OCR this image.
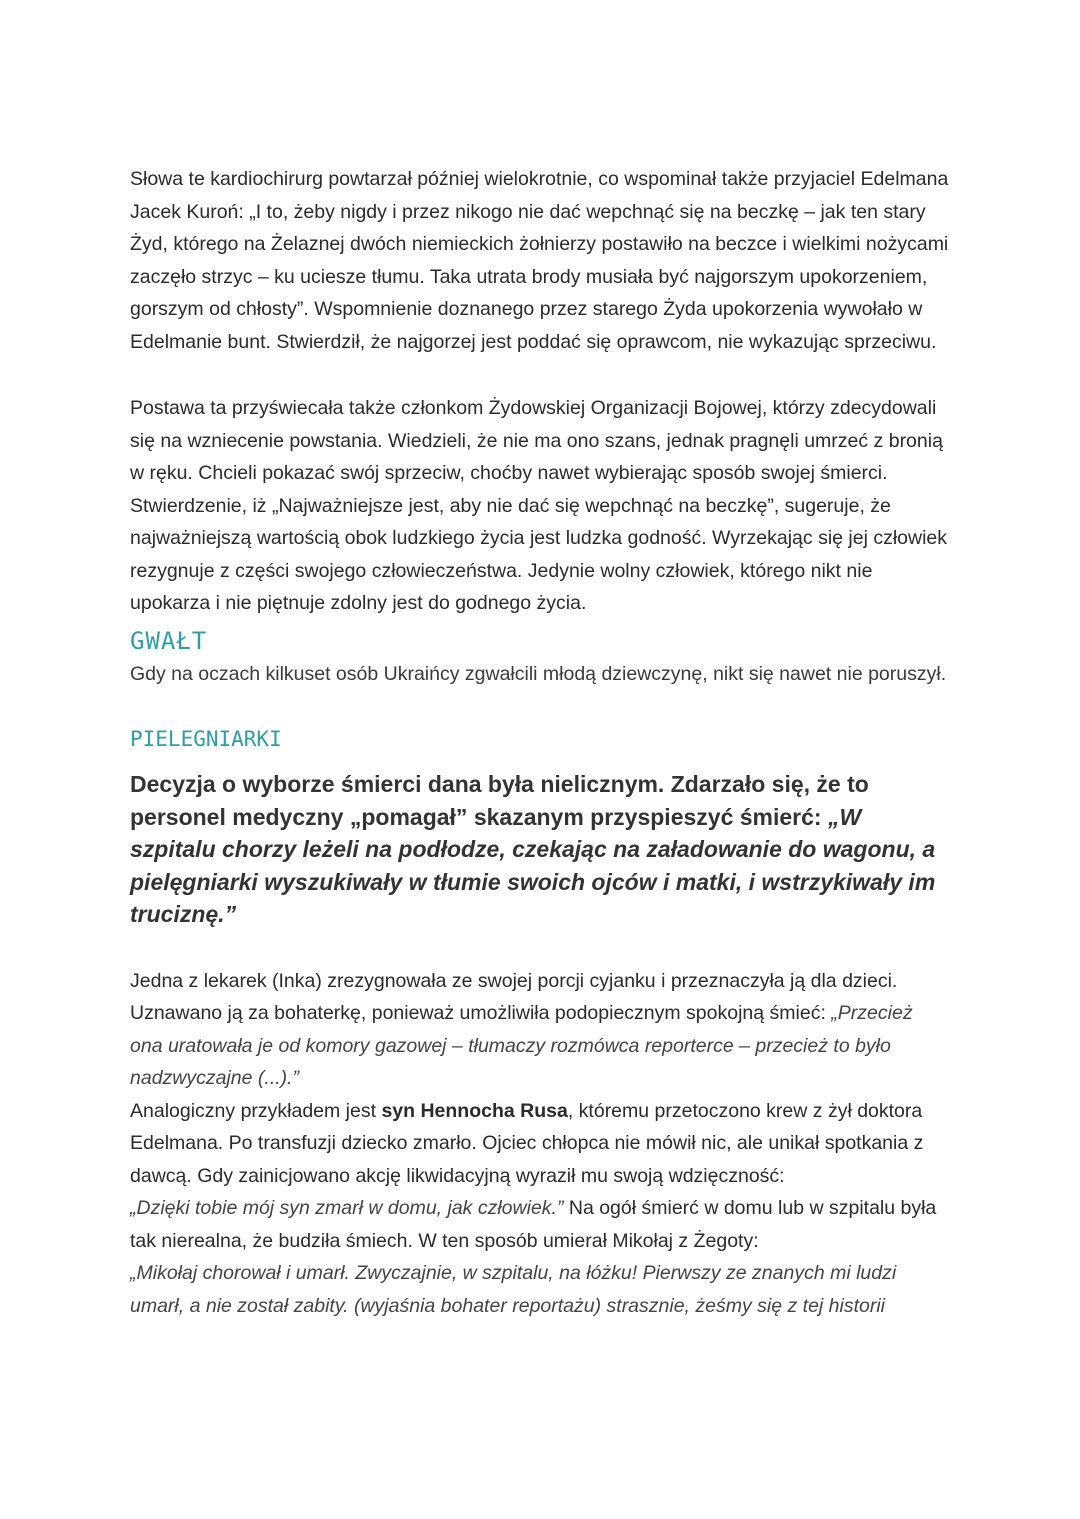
Słowa te kardiochirurg powtarzał później wielokrotnie, co wspominał także przyjaciel Edelmana Jacek Kuroń: „I to, żeby nigdy i przez nikogo nie dać wepchnąć się na beczkę – jak ten stary Żyd, którego na Żelaznej dwóch niemieckich żołnierzy postawiło na beczce i wielkimi nożycami zaczęło strzyc – ku uciesze tłumu. Taka utrata brody musiała być najgorszym upokorzeniem, gorszym od chłosty”. Wspomnienie doznanego przez starego Żyda upokorzenia wywołało w Edelmanie bunt. Stwierdził, że najgorzej jest poddać się oprawcom, nie wykazując sprzeciwu.

Postawa ta przyświecała także członkom Żydowskiej Organizacji Bojowej, którzy zdecydowali się na wzniecenie powstania. Wiedzieli, że nie ma ono szans, jednak pragnęli umrzeć z bronią w ręku. Chcieli pokazać swój sprzeciw, choćby nawet wybierając sposób swojej śmierci. Stwierdzenie, iż „Najważniejsze jest, aby nie dać się wepchnąć na beczkę”, sugeruje, że najważniejszą wartością obok ludzkiego życia jest ludzka godność. Wyrzekając się jej człowiek rezygnuje z części swojego człowieczeństwa. Jedynie wolny człowiek, którego nikt nie upokarza i nie piętnuje zdolny jest do godnego życia.

GWAŁT

Gdy na oczach kilkuset osób Ukraińcy zgwałcili młodą dziewczynę, nikt się nawet nie poruszył.

PIELEGNIARKI

Decyzja o wyborze śmierci dana była nielicznym. Zdarzało się, że to personel medyczny „pomagał” skazanym przyspieszyć śmierć: „W szpitalu chorzy leżeli na podłodze, czekając na załadowanie do wagonu, a pielęgniarki wyszukiwały w tłumie swoich ojców i matki, i wstrzykiwały im truciznę.”

Jedna z lekarek (Inka) zrezygnowała ze swojej porcji cyjanku i przeznaczyła ją dla dzieci. Uznawano ją za bohaterkę, ponieważ umożliwiła podopiecznym spokojną śmieć: „Przecież ona uratowała je od komory gazowej – tłumaczy rozmówca reporterce – przecież to było nadzwyczajne (...).”

Analogiczny przykładem jest syn Hennocha Rusa, któremu przetoczono krew z żył doktora Edelmana. Po transfuzji dziecko zmarło. Ojciec chłopca nie mówił nic, ale unikał spotkania z dawcą. Gdy zainicjowano akcję likwidacyjną wyraził mu swoją wdzięczność:
„Dzięki tobie mój syn zmarł w domu, jak człowiek.” Na ogół śmierć w domu lub w szpitalu była tak nierealna, że budziła śmiech. W ten sposób umierał Mikołaj z Żegoty:
„Mikołaj chorował i umarł. Zwyczajnie, w szpitalu, na łóżku! Pierwszy ze znanych mi ludzi umarł, a nie został zabity. (wyjaśnia bohater reportażu) strasznie, żeśmy się z tej historii
